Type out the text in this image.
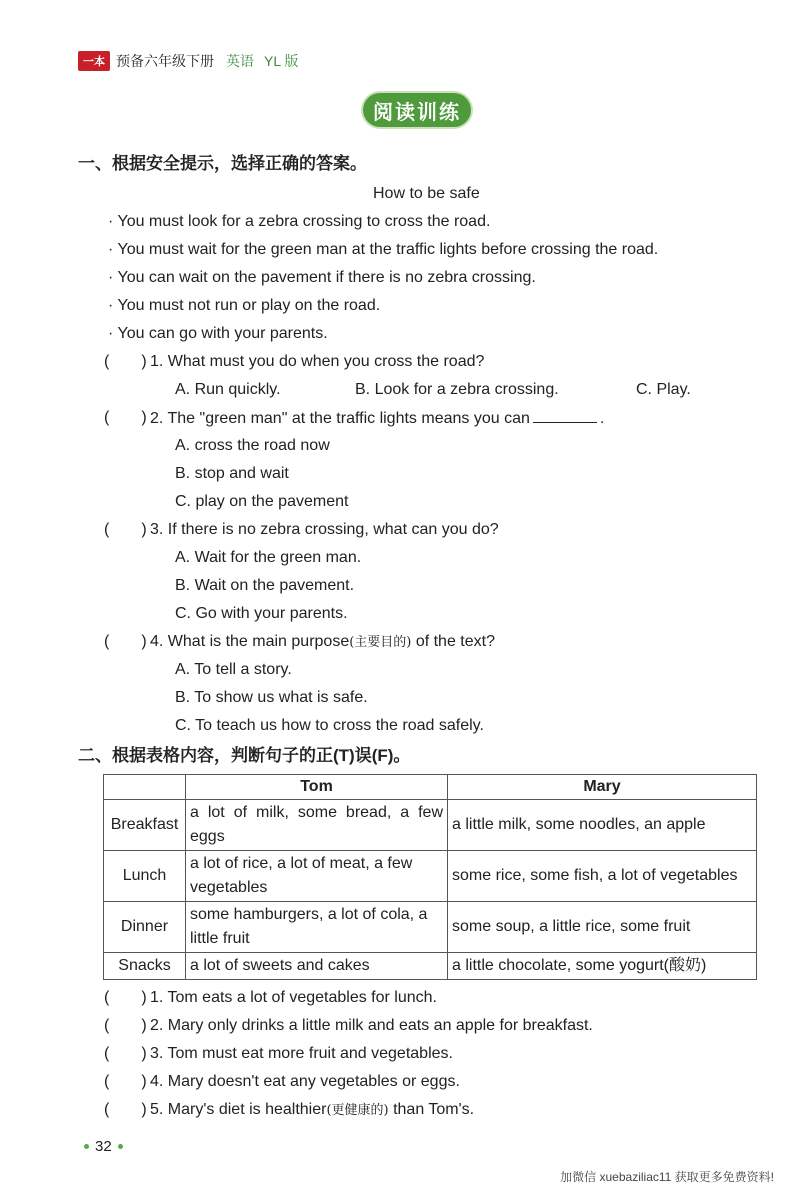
一本 预备六年级下册 英语 YL 版
阅读训练
一、根据安全提示，选择正确的答案。
How to be safe
· You must look for a zebra crossing to cross the road.
· You must wait for the green man at the traffic lights before crossing the road.
· You can wait on the pavement if there is no zebra crossing.
· You must not run or play on the road.
· You can go with your parents.
(　　) 1. What must you do when you cross the road?
A. Run quickly.	B. Look for a zebra crossing.	C. Play.
(　　) 2. The "green man" at the traffic lights means you can	.
A. cross the road now
B. stop and wait
C. play on the pavement
(　　) 3. If there is no zebra crossing, what can you do?
A. Wait for the green man.
B. Wait on the pavement.
C. Go with your parents.
(　　) 4. What is the main purpose(主要目的) of the text?
A. To tell a story.
B. To show us what is safe.
C. To teach us how to cross the road safely.
二、根据表格内容，判断句子的正(T)误(F)。
	Tom	Mary
Breakfast	a lot of milk, some bread, a few eggs	a little milk, some noodles, an apple
Lunch	a lot of rice, a lot of meat, a few vegetables	some rice, some fish, a lot of vegetables
Dinner	some hamburgers, a lot of cola, a little fruit	some soup, a little rice, some fruit
Snacks	a lot of sweets and cakes	a little chocolate, some yogurt(酸奶)
(　　) 1. Tom eats a lot of vegetables for lunch.
(　　) 2. Mary only drinks a little milk and eats an apple for breakfast.
(　　) 3. Tom must eat more fruit and vegetables.
(　　) 4. Mary doesn't eat any vegetables or eggs.
(　　) 5. Mary's diet is healthier(更健康的) than Tom's.
32
加微信 xuebaziliac11 获取更多免费资料!
